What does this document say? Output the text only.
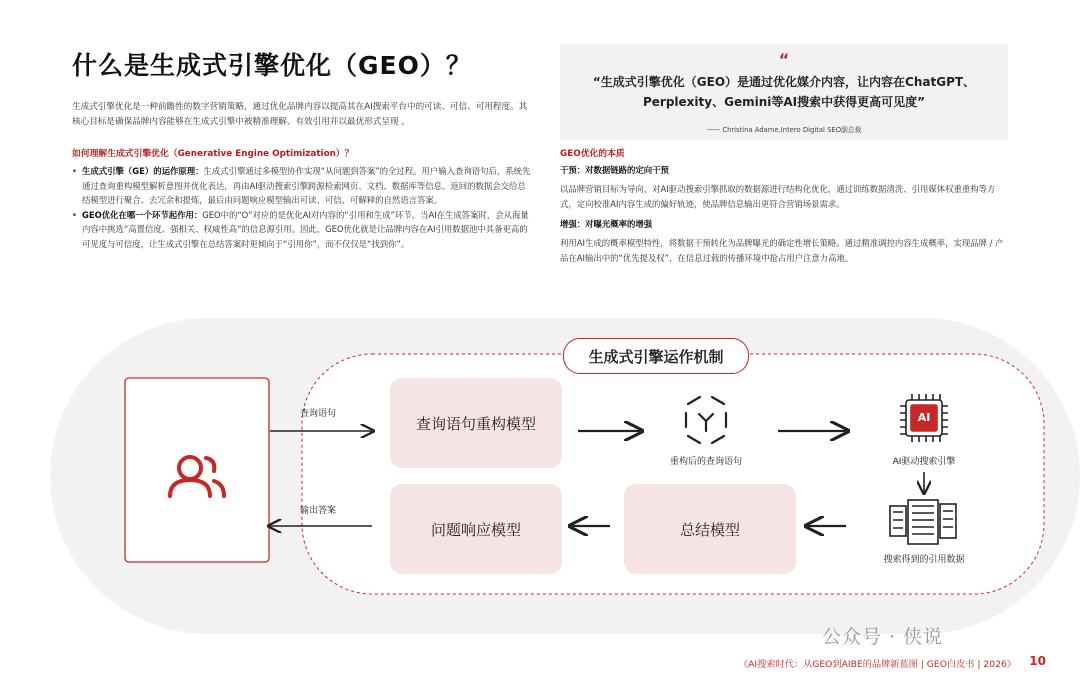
什么是生成式引擎优化（GEO）？
生成式引擎优化是一种前瞻性的数字营销策略，通过优化品牌内容以提高其在AI搜索平台中的可读、可信、可用程度。其核心目标是确保品牌内容能够在生成式引擎中被精准理解、有效引用并以最优形式呈现 。
如何理解生成式引擎优化（Generative Engine Optimization）？
• 生成式引擎（GE）的运作原理：生成式引擎通过多模型协作实现“从问题到答案”的全过程。用户输入查询语句后，系统先通过查询重构模型解析意图并优化表达，再由AI驱动搜索引擎跨源检索网页、文档、数据库等信息。返回的数据会交给总结模型进行聚合、去冗余和提炼，最后由问题响应模型输出可读、可信、可解释的自然语言答案。
• GEO优化在哪一个环节起作用：GEO中的“O”对应的是优化AI对内容的“引用和生成”环节。当AI在生成答案时，会从海量内容中挑选“高置信度、强相关、权威性高”的信息源引用。因此，GEO优化就是让品牌内容在AI引用数据池中具备更高的可见度与可信度，让生成式引擎在总结答案时更倾向于“引用你”，而不仅仅是“找到你”。
“
“生成式引擎优化（GEO）是通过优化媒介内容，让内容在ChatGPT、Perplexity、Gemini等AI搜索中获得更高可见度”
—— Christina Adame,Intero Digital SEO副总裁
GEO优化的本质
干预：对数据链路的定向干预
以品牌营销目标为导向，对AI驱动搜索引擎抓取的数据源进行结构化优化，通过训练数据清洗、引用媒体权重重构等方式，定向校准AI内容生成的偏好轨迹，使品牌信息输出更符合营销场景需求。
增强：对曝光概率的增强
利用AI生成的概率模型特性，将数据干预转化为品牌曝光的确定性增长策略。通过精准调控内容生成概率，实现品牌 / 产品在AI输出中的“优先提及权”，在信息过载的传播环境中抢占用户注意力高地。
生成式引擎运作机制
查询语句
输出答案
查询语句重构模型
问题响应模型	总结模型
重构后的查询语句
AI
AI驱动搜索引擎
搜索得到的引用数据
公众号 · 侠说
《AI搜索时代：从GEO到AIBE的品牌新蓝图 | GEO白皮书 | 2026》 10
